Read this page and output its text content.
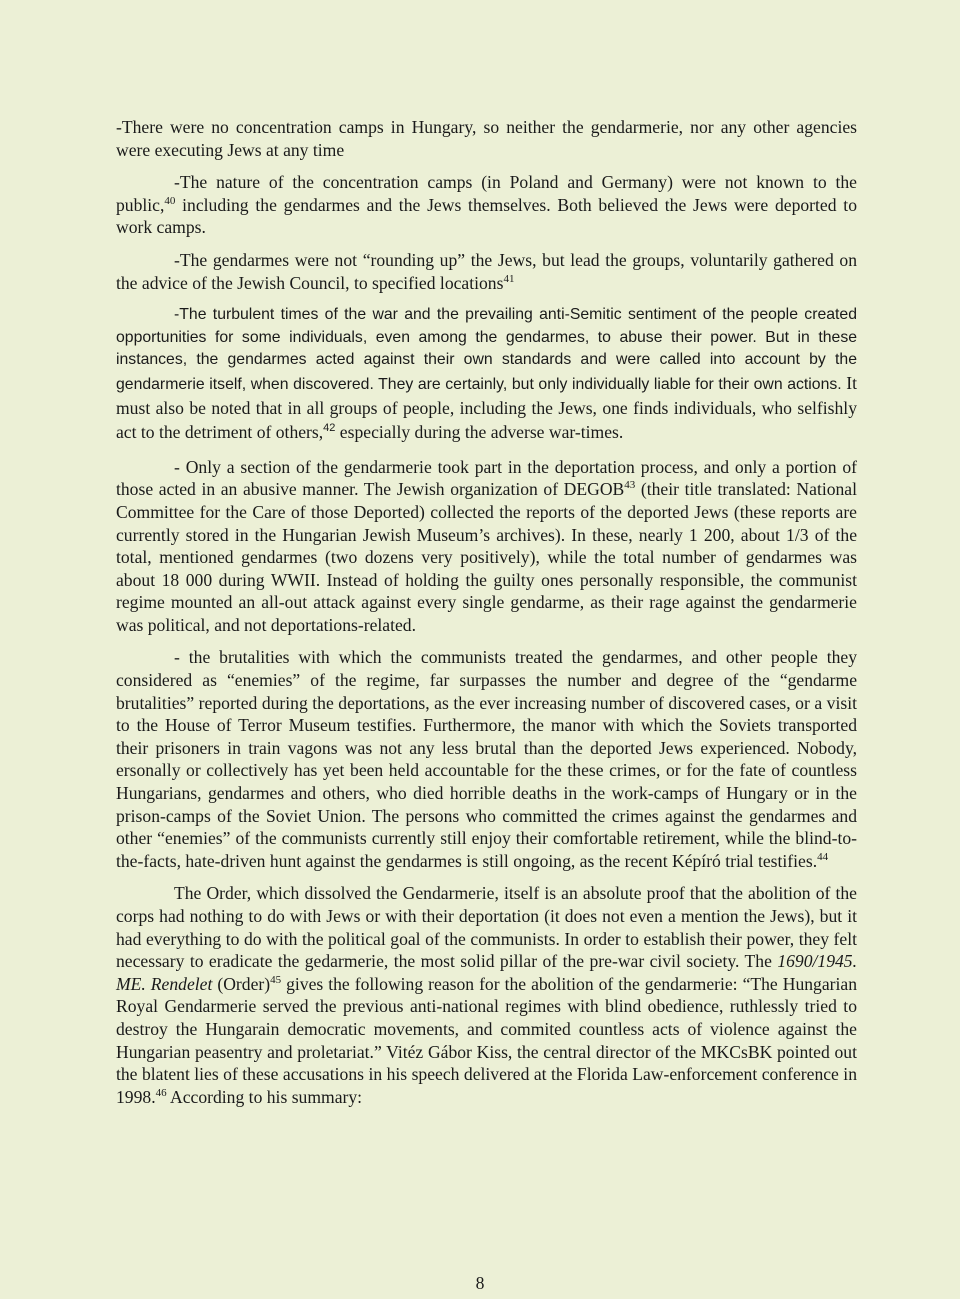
-There were no concentration camps in Hungary, so neither the gendarmerie, nor any other agencies were executing Jews at any time

-The nature of the concentration camps (in Poland and Germany) were not known to the public,$^{40}$ including the gendarmes and the Jews themselves. Both believed the Jews were deported to work camps.

-The gendarmes were not “rounding up” the Jews, but lead the groups, voluntarily gathered on the advice of the Jewish Council, to specified locations$^{41}$

-The turbulent times of the war and the prevailing anti-Semitic sentiment of the people created opportunities for some individuals, even among the gendarmes, to abuse their power. But in these instances, the gendarmes acted against their own standards and were called into account by the gendarmerie itself, when discovered. They are certainly, but only individually liable for their own actions. It must also be noted that in all groups of people, including the Jews, one finds individuals, who selfishly act to the detriment of others,$^{42}$ especially during the adverse war-times.

- Only a section of the gendarmerie took part in the deportation process, and only a portion of those acted in an abusive manner. The Jewish organization of DEGOB$^{43}$ (their title translated: National Committee for the Care of those Deported) collected the reports of the deported Jews (these reports are currently stored in the Hungarian Jewish Museum’s archives). In these, nearly 1 200, about 1/3 of the total, mentioned gendarmes (two dozens very positively), while the total number of gendarmes was about 18 000 during WWII. Instead of holding the guilty ones personally responsible, the communist regime mounted an all-out attack against every single gendarme, as their rage against the gendarmerie was political, and not deportations-related.

- the brutalities with which the communists treated the gendarmes, and other people they considered as “enemies” of the regime, far surpasses the number and degree of the “gendarme brutalities” reported during the deportations, as the ever increasing number of discovered cases, or a visit to the House of Terror Museum testifies. Furthermore, the manor with which the Soviets transported their prisoners in train vagons was not any less brutal than the deported Jews experienced. Nobody, ersonally or collectively has yet been held accountable for the these crimes, or for the fate of countless Hungarians, gendarmes and others, who died horrible deaths in the work-camps of Hungary or in the prison-camps of the Soviet Union. The persons who committed the crimes against the gendarmes and other “enemies” of the communists currently still enjoy their comfortable retirement, while the blind-to-the-facts, hate-driven hunt against the gendarmes is still ongoing, as the recent Képíró trial testifies.$^{44}$

The Order, which dissolved the Gendarmerie, itself is an absolute proof that the abolition of the corps had nothing to do with Jews or with their deportation (it does not even a mention the Jews), but it had everything to do with the political goal of the communists. In order to establish their power, they felt necessary to eradicate the gedarmerie, the most solid pillar of the pre-war civil society. The 1690/1945. ME. Rendelet (Order)$^{45}$ gives the following reason for the abolition of the gendarmerie: “The Hungarian Royal Gendarmerie served the previous anti-national regimes with blind obedience, ruthlessly tried to destroy the Hungarain democratic movements, and commited countless acts of violence against the Hungarian peasentry and proletariat.” Vitéz Gábor Kiss, the central director of the MKCsBK pointed out the blatent lies of these accusations in his speech delivered at the Florida Law-enforcement conference in 1998.46 According to his summary:

8
